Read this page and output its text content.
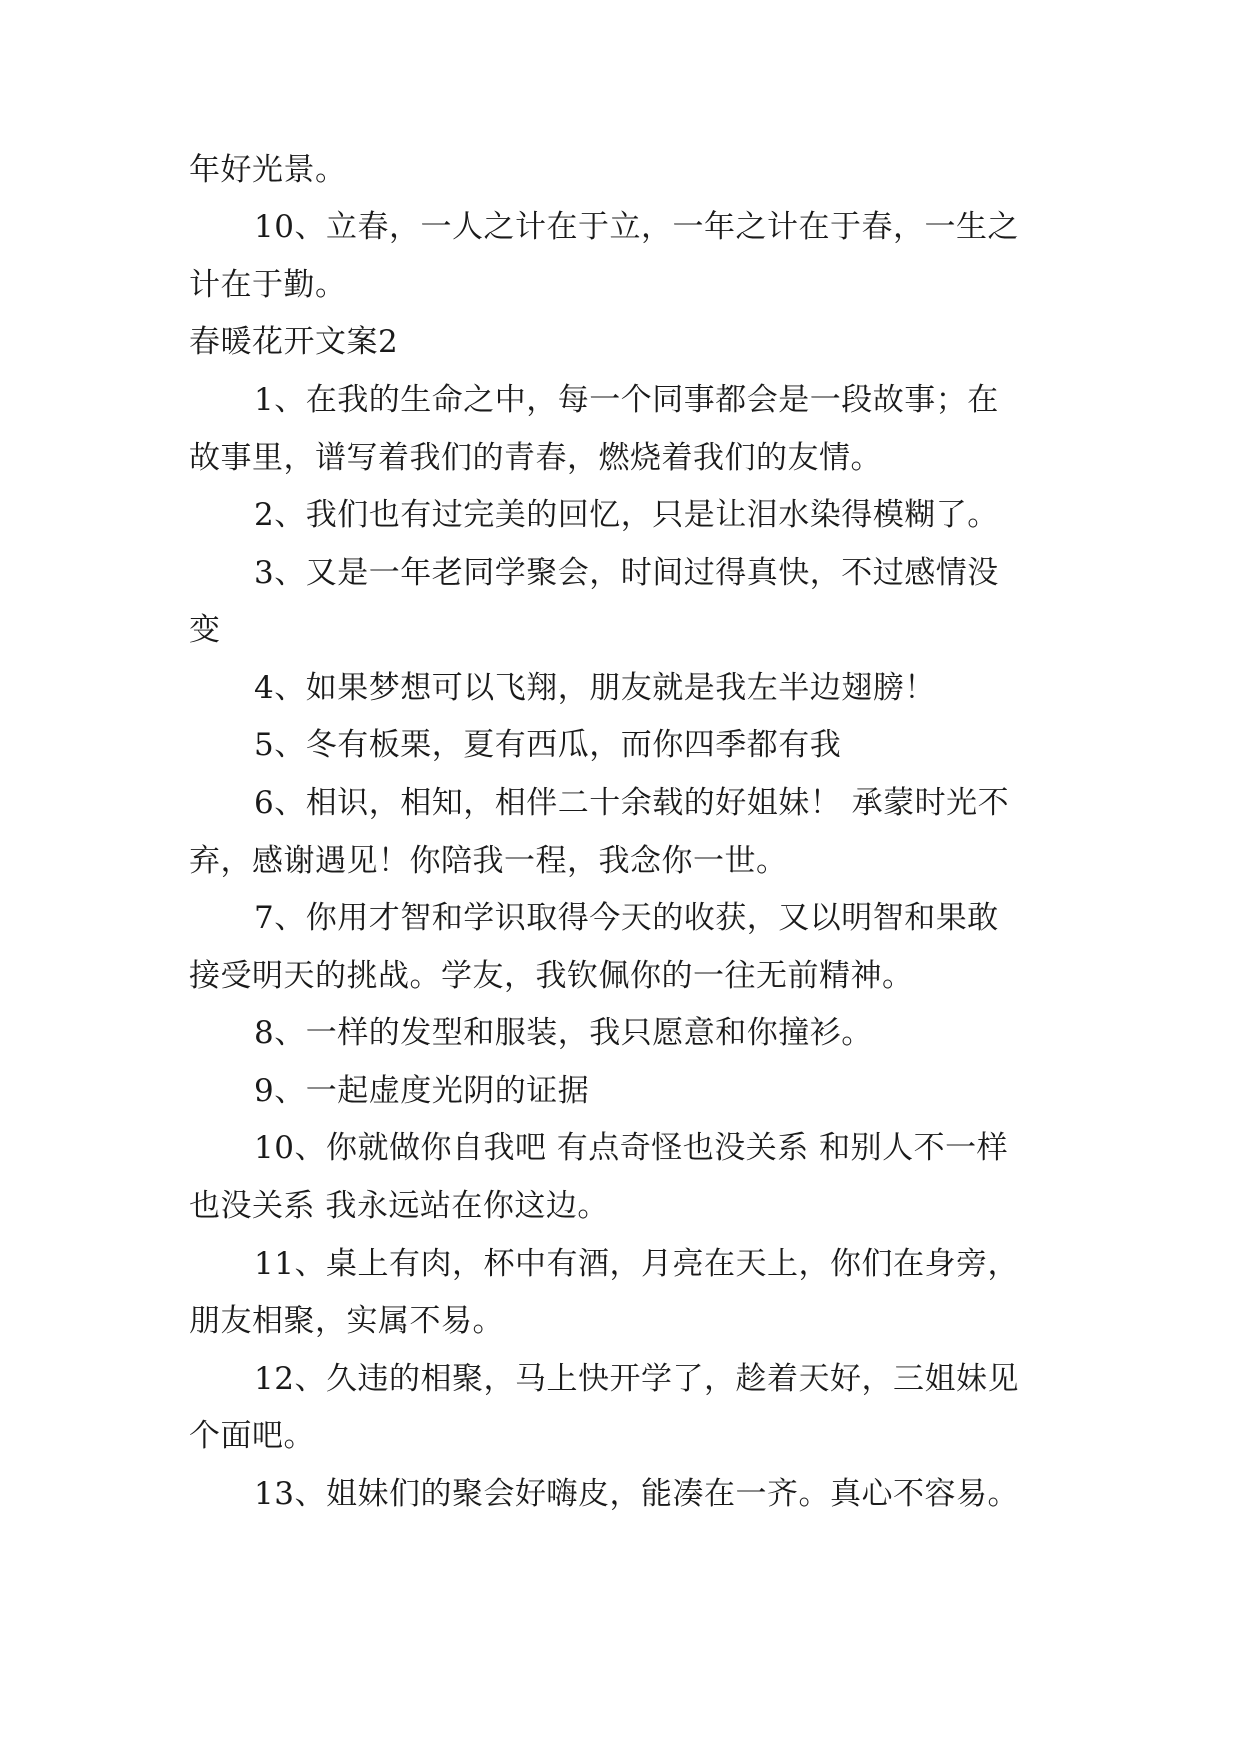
年好光景。
10、立春，一人之计在于立，一年之计在于春，一生之
计在于勤。
春暖花开文案2
1、在我的生命之中，每一个同事都会是一段故事；在
故事里，谱写着我们的青春，燃烧着我们的友情。
2、我们也有过完美的回忆，只是让泪水染得模糊了。
3、又是一年老同学聚会，时间过得真快，不过感情没
变
4、如果梦想可以飞翔，朋友就是我左半边翅膀！
5、冬有板栗，夏有西瓜，而你四季都有我
6、相识，相知，相伴二十余载的好姐妹！ 承蒙时光不
弃，感谢遇见！你陪我一程，我念你一世。
7、你用才智和学识取得今天的收获，又以明智和果敢
接受明天的挑战。学友，我钦佩你的一往无前精神。
8、一样的发型和服装，我只愿意和你撞衫。
9、一起虚度光阴的证据
10、你就做你自我吧 有点奇怪也没关系 和别人不一样
也没关系 我永远站在你这边。
11、桌上有肉，杯中有酒，月亮在天上，你们在身旁，
朋友相聚，实属不易。
12、久违的相聚，马上快开学了，趁着天好，三姐妹见
个面吧。
13、姐妹们的聚会好嗨皮，能凑在一齐。真心不容易。
